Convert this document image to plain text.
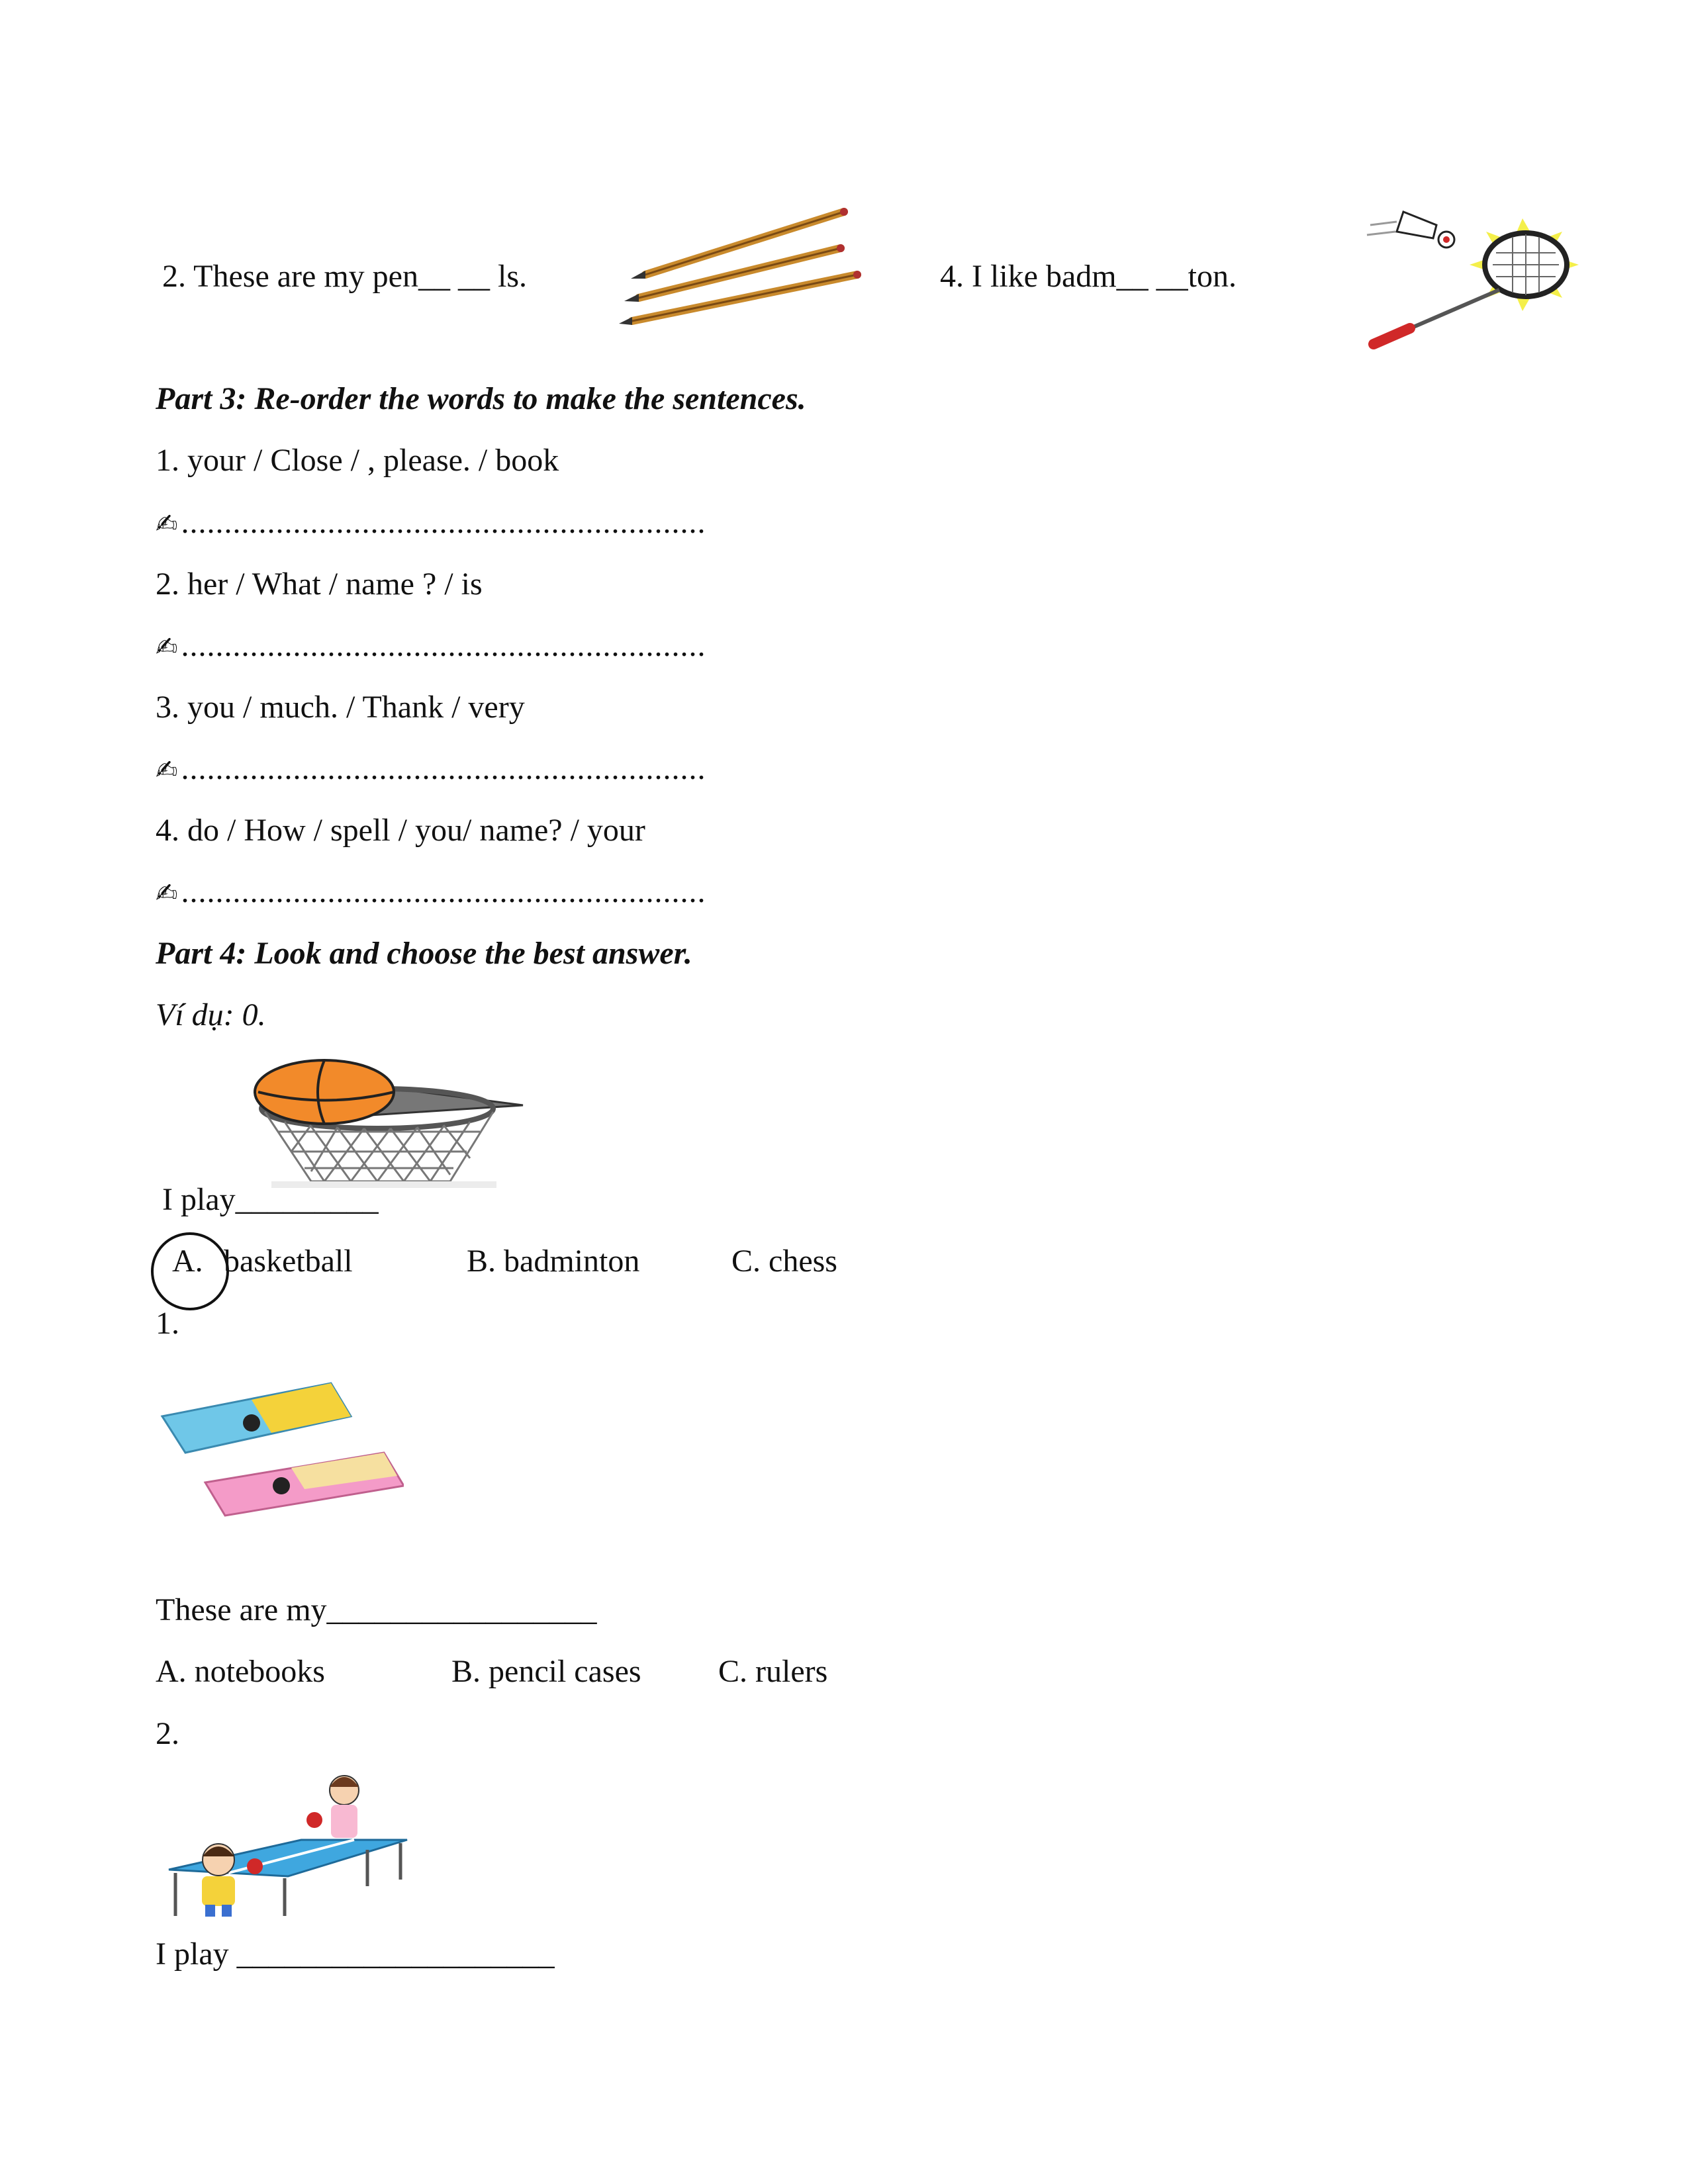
2. These are my pen__ __ ls.	4. I like badm__ __ton.
Part 3: Re-order the words to make the sentences.
1. your / Close / , please. / book
✍.............................................................
2. her / What / name ? / is
✍.............................................................
3. you / much. / Thank / very
✍.............................................................
4. do / How / spell / you/ name? / your
✍.............................................................
Part 4: Look and choose the best answer.
Ví dụ: 0.
I play_________
A. basketball	B. badminton	C. chess
1.
These are my_________________
A. notebooks	B. pencil cases C. rulers
2.
I play ____________________
